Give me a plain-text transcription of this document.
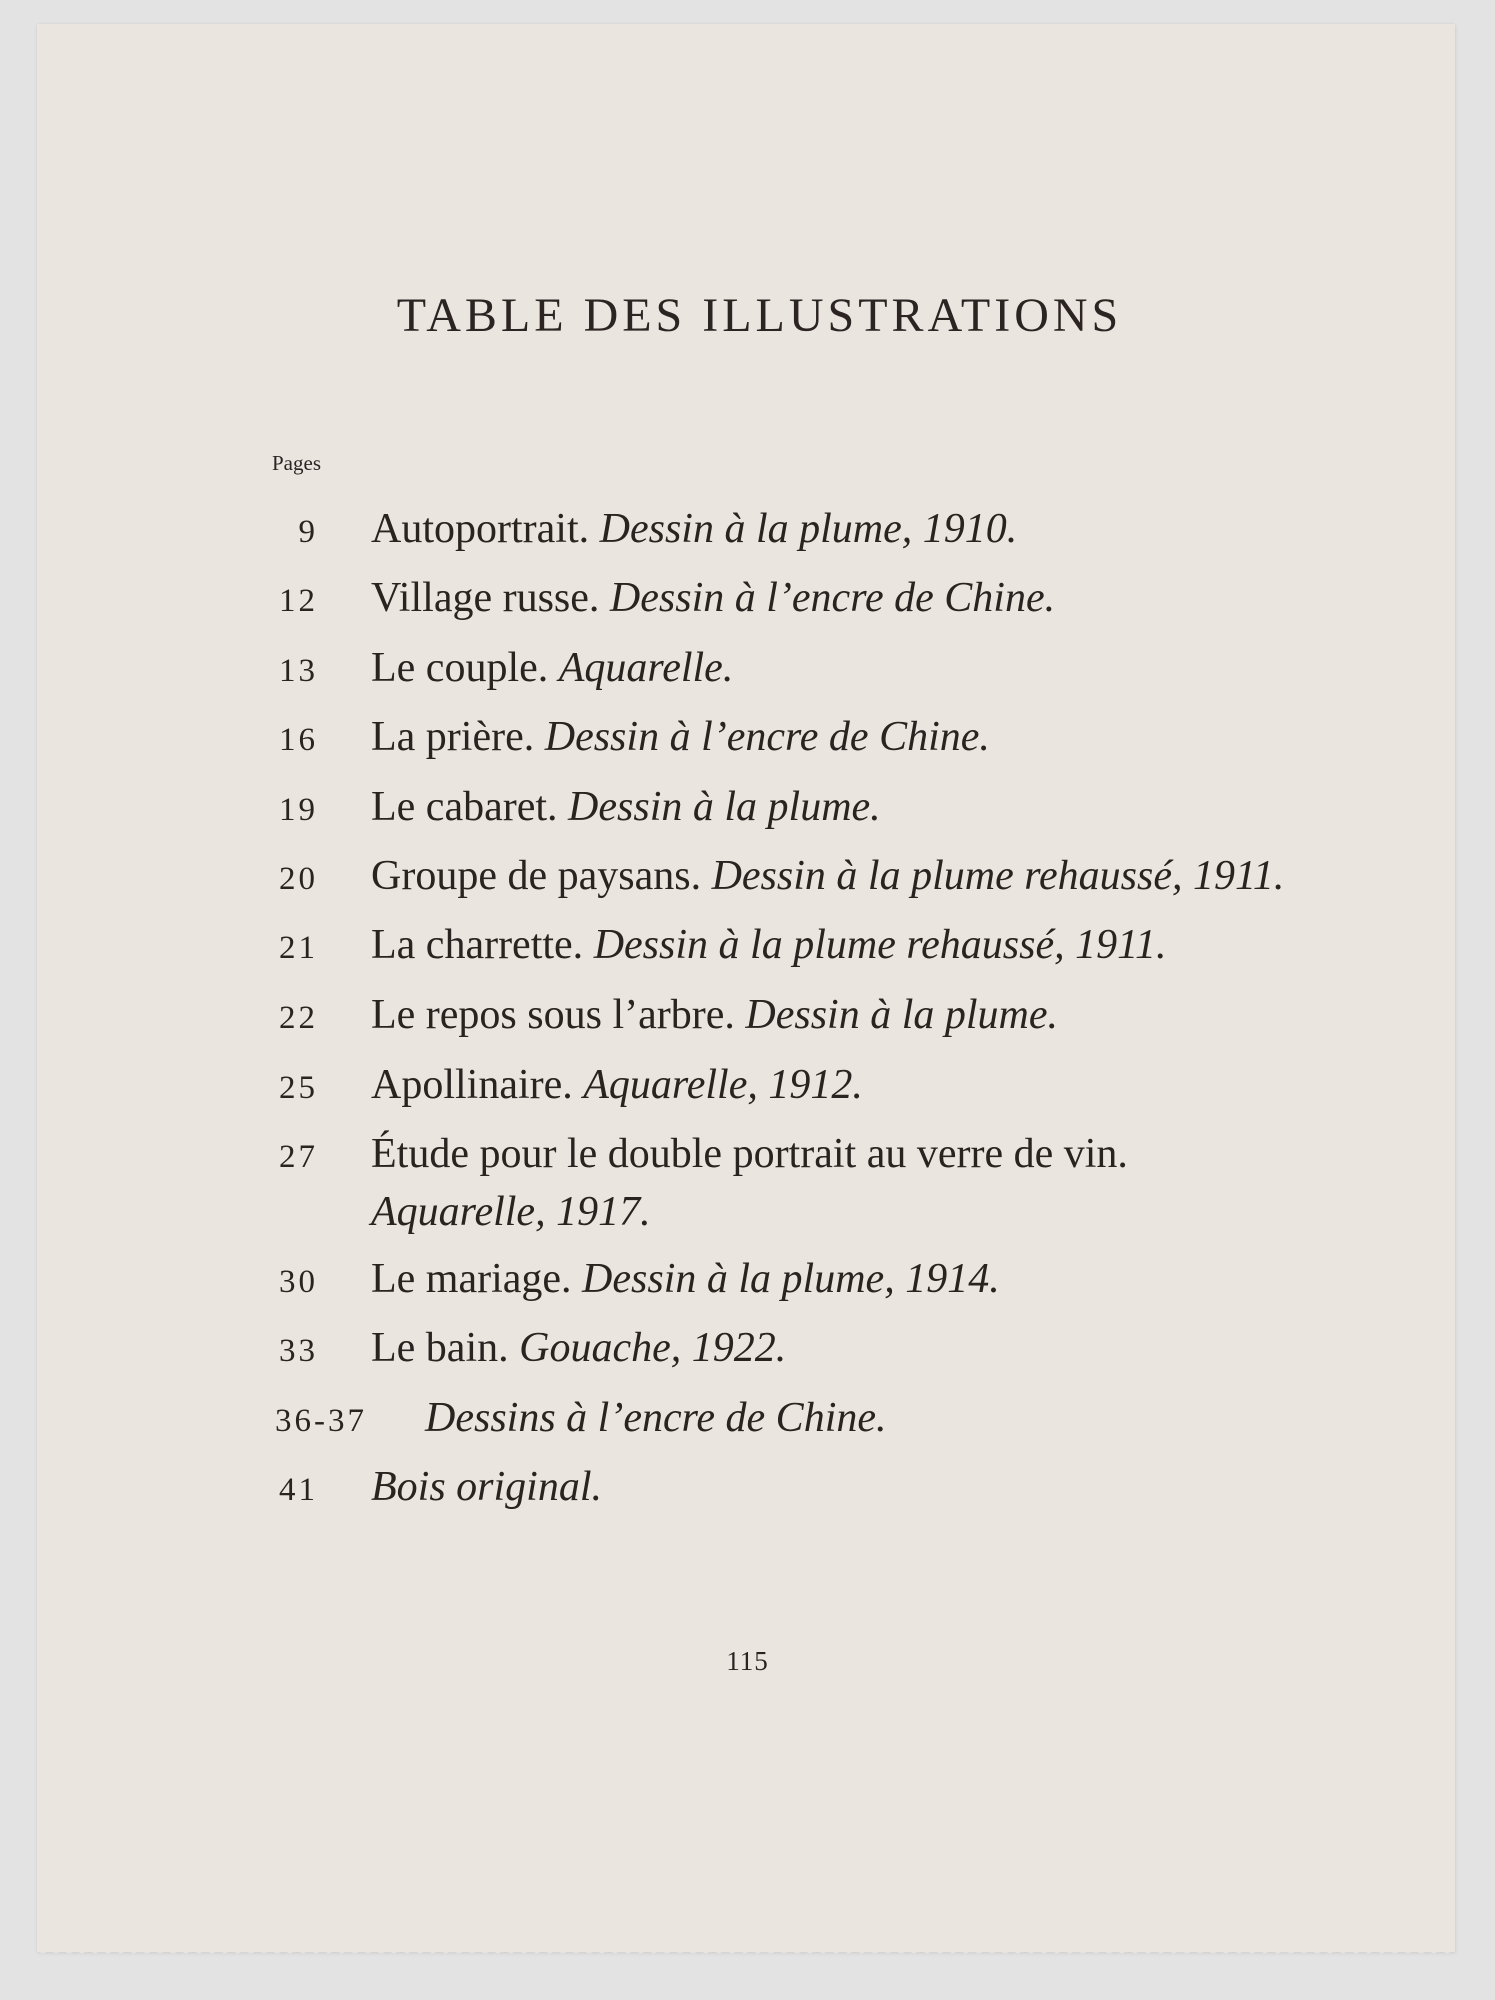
TABLE DES ILLUSTRATIONS
Pages
9 Autoportrait. Dessin à la plume, 1910.
12 Village russe. Dessin à l’encre de Chine.
13 Le couple. Aquarelle.
16 La prière. Dessin à l’encre de Chine.
19 Le cabaret. Dessin à la plume.
20 Groupe de paysans. Dessin à la plume rehaussé, 1911.
21 La charrette. Dessin à la plume rehaussé, 1911.
22 Le repos sous l’arbre. Dessin à la plume.
25 Apollinaire. Aquarelle, 1912.
27 Étude pour le double portrait au verre de vin.
Aquarelle, 1917.
30 Le mariage. Dessin à la plume, 1914.
33 Le bain. Gouache, 1922.
36-37 Dessins à l’encre de Chine.
41 Bois original.
115
